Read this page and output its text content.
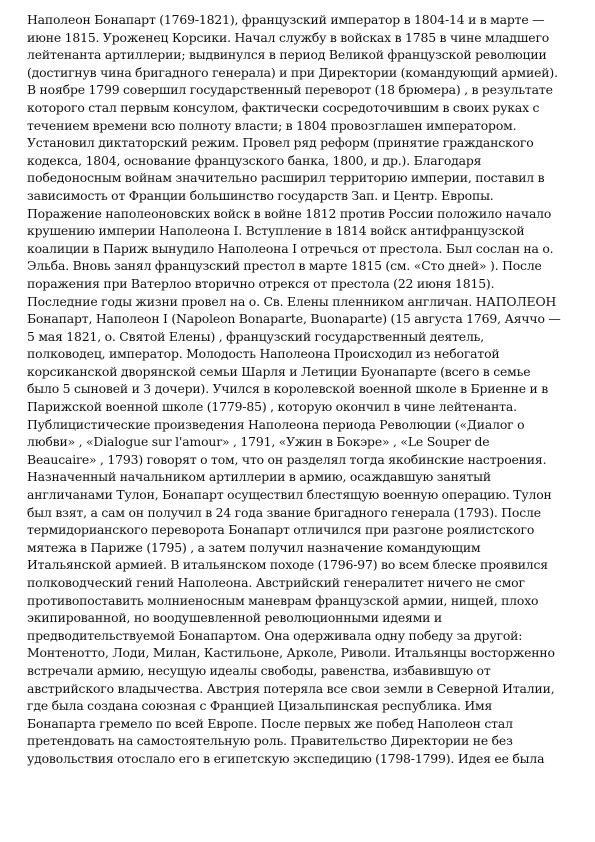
Наполеон Бонапарт (1769-1821), французский император в 1804-14 и в марте —
июне 1815. Уроженец Корсики. Начал службу в войсках в 1785 в чине младшего
лейтенанта артиллерии; выдвинулся в период Великой французской революции
(достигнув чина бригадного генерала) и при Директории (командующий армией).
В ноябре 1799 совершил государственный переворот (18 брюмера) , в результате
которого стал первым консулом, фактически сосредоточившим в своих руках с
течением времени всю полноту власти; в 1804 провозглашен императором.
Установил диктаторский режим. Провел ряд реформ (принятие гражданского
кодекса, 1804, основание французского банка, 1800, и др.). Благодаря
победоносным войнам значительно расширил территорию империи, поставил в
зависимость от Франции большинство государств Зап. и Центр. Европы.
Поражение наполеоновских войск в войне 1812 против России положило начало
крушению империи Наполеона I. Вступление в 1814 войск антифранцузской
коалиции в Париж вынудило Наполеона I отречься от престола. Был сослан на о.
Эльба. Вновь занял французский престол в марте 1815 (см. «Сто дней» ). После
поражения при Ватерлоо вторично отрекся от престола (22 июня 1815).
Последние годы жизни провел на о. Св. Елены пленником англичан. НАПОЛЕОН
Бонапарт, Наполеон I (Napoleon Bonaparte, Buonaparte) (15 августа 1769, Аяччо —
5 мая 1821, о. Святой Елены) , французский государственный деятель,
полководец, император. Молодость Наполеона Происходил из небогатой
корсиканской дворянской семьи Шарля и Летиции Буонапарте (всего в семье
было 5 сыновей и 3 дочери). Учился в королевской военной школе в Бриенне и в
Парижской военной школе (1779-85) , которую окончил в чине лейтенанта.
Публицистические произведения Наполеона периода Революции («Диалог о
любви» , «Dialogue sur l'amour» , 1791, «Ужин в Бокэре» , «Le Souper de
Beaucaire» , 1793) говорят о том, что он разделял тогда якобинские настроения.
Назначенный начальником артиллерии в армию, осаждавшую занятый
англичанами Тулон, Бонапарт осуществил блестящую военную операцию. Тулон
был взят, а сам он получил в 24 года звание бригадного генерала (1793). После
термидорианского переворота Бонапарт отличился при разгоне роялистского
мятежа в Париже (1795) , а затем получил назначение командующим
Итальянской армией. В итальянском походе (1796-97) во всем блеске проявился
полководческий гений Наполеона. Австрийский генералитет ничего не смог
противопоставить молниеносным маневрам французской армии, нищей, плохо
экипированной, но воодушевленной революционными идеями и
предводительствуемой Бонапартом. Она одерживала одну победу за другой:
Монтенотто, Лоди, Милан, Кастильоне, Арколе, Риволи. Итальянцы восторженно
встречали армию, несущую идеалы свободы, равенства, избавившую от
австрийского владычества. Австрия потеряла все свои земли в Северной Италии,
где была создана союзная с Францией Цизальпинская республика. Имя
Бонапарта гремело по всей Европе. После первых же побед Наполеон стал
претендовать на самостоятельную роль. Правительство Директории не без
удовольствия отослало его в египетскую экспедицию (1798-1799). Идея ее была
